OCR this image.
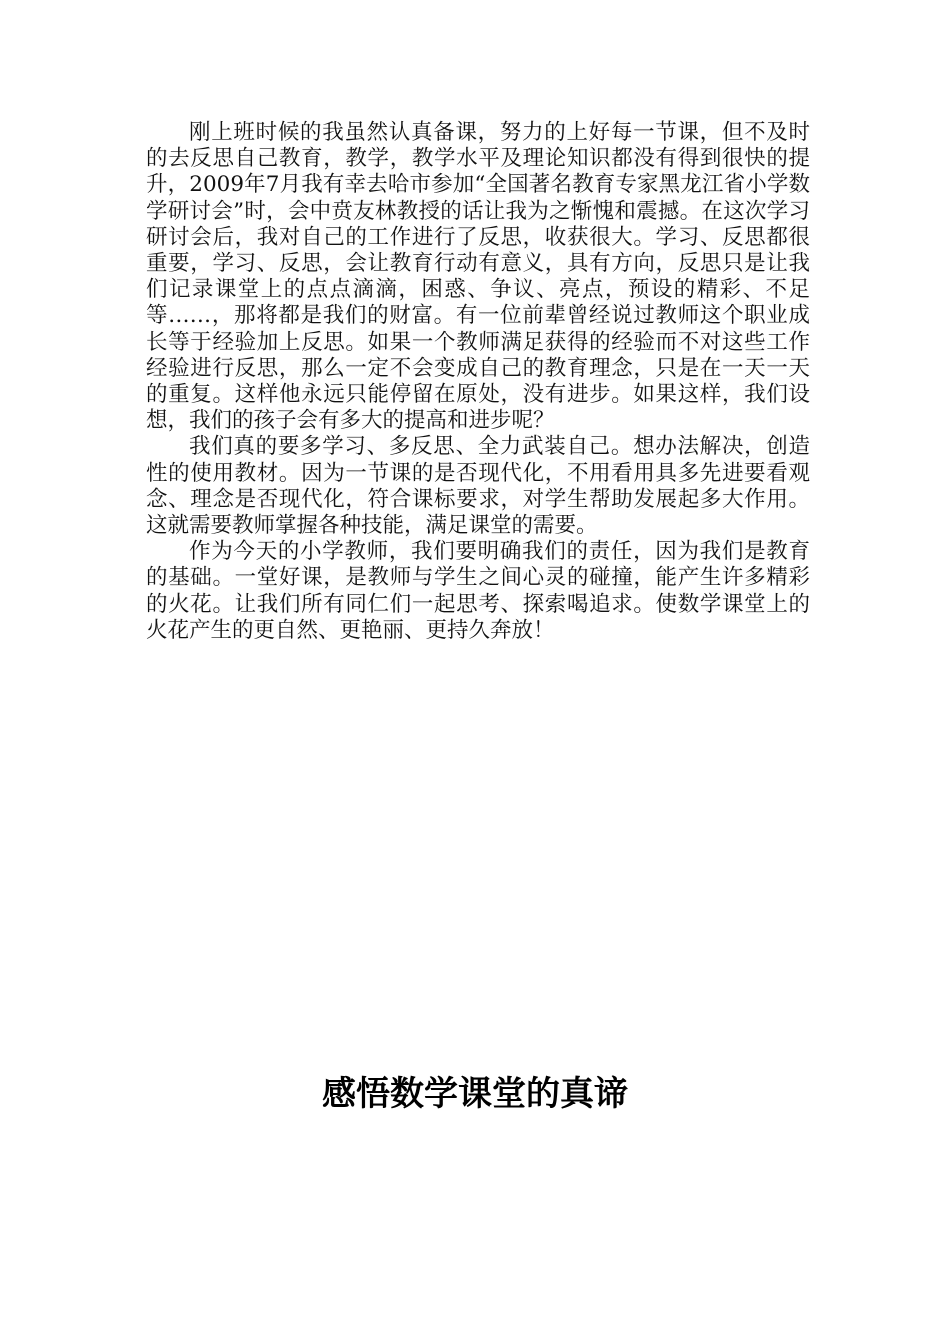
刚上班时候的我虽然认真备课，努力的上好每一节课，但不及时的去反思自己教育，教学，教学水平及理论知识都没有得到很快的提升，2009年7月我有幸去哈市参加“全国著名教育专家黑龙江省小学数学研讨会”时，会中贲友林教授的话让我为之惭愧和震撼。在这次学习研讨会后，我对自己的工作进行了反思，收获很大。学习、反思都很重要，学习、反思，会让教育行动有意义，具有方向，反思只是让我们记录课堂上的点点滴滴，困惑、争议、亮点，预设的精彩、不足等……，那将都是我们的财富。有一位前辈曾经说过教师这个职业成长等于经验加上反思。如果一个教师满足获得的经验而不对这些工作经验进行反思，那么一定不会变成自己的教育理念，只是在一天一天的重复。这样他永远只能停留在原处，没有进步。如果这样，我们设想，我们的孩子会有多大的提高和进步呢？

我们真的要多学习、多反思、全力武装自己。想办法解决，创造性的使用教材。因为一节课的是否现代化，不用看用具多先进要看观念、理念是否现代化，符合课标要求，对学生帮助发展起多大作用。这就需要教师掌握各种技能，满足课堂的需要。

作为今天的小学教师，我们要明确我们的责任，因为我们是教育的基础。一堂好课，是教师与学生之间心灵的碰撞，能产生许多精彩的火花。让我们所有同仁们一起思考、探索喝追求。使数学课堂上的火花产生的更自然、更艳丽、更持久奔放！

感悟数学课堂的真谛
